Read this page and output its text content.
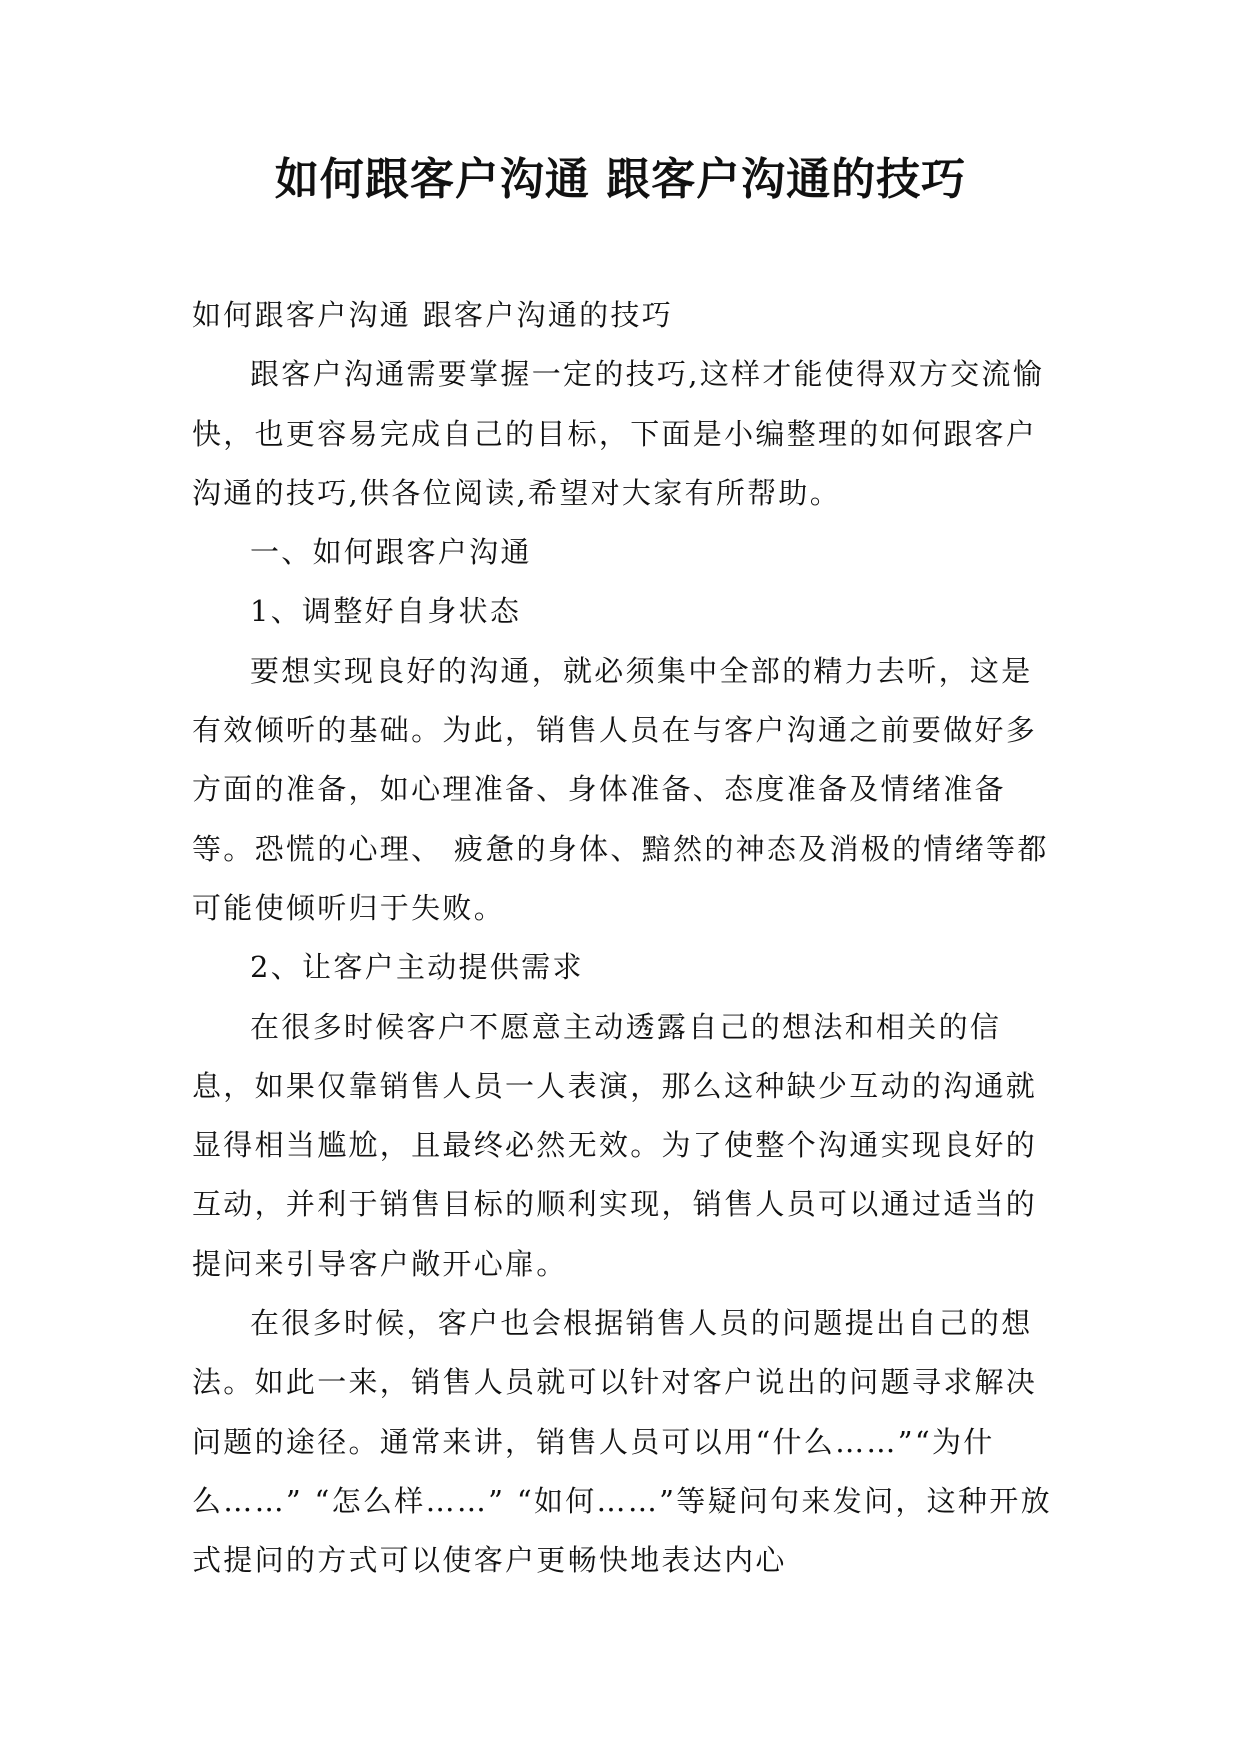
如何跟客户沟通 跟客户沟通的技巧

如何跟客户沟通 跟客户沟通的技巧

跟客户沟通需要掌握一定的技巧,这样才能使得双方交流愉快，也更容易完成自己的目标，下面是小编整理的如何跟客户沟通的技巧,供各位阅读,希望对大家有所帮助。

一、如何跟客户沟通

1、调整好自身状态

要想实现良好的沟通，就必须集中全部的精力去听，这是有效倾听的基础。为此，销售人员在与客户沟通之前要做好多方面的准备，如心理准备、身体准备、态度准备及情绪准备等。恐慌的心理、 疲惫的身体、黯然的神态及消极的情绪等都可能使倾听归于失败。

2、让客户主动提供需求

在很多时候客户不愿意主动透露自己的想法和相关的信息，如果仅靠销售人员一人表演，那么这种缺少互动的沟通就显得相当尴尬，且最终必然无效。为了使整个沟通实现良好的互动，并利于销售目标的顺利实现，销售人员可以通过适当的提问来引导客户敞开心扉。

在很多时候，客户也会根据销售人员的问题提出自己的想法。如此一来，销售人员就可以针对客户说出的问题寻求解决问题的途径。通常来讲，销售人员可以用“什么……”“为什么……” “怎么样……” “如何……”等疑问句来发问，这种开放式提问的方式可以使客户更畅快地表达内心
